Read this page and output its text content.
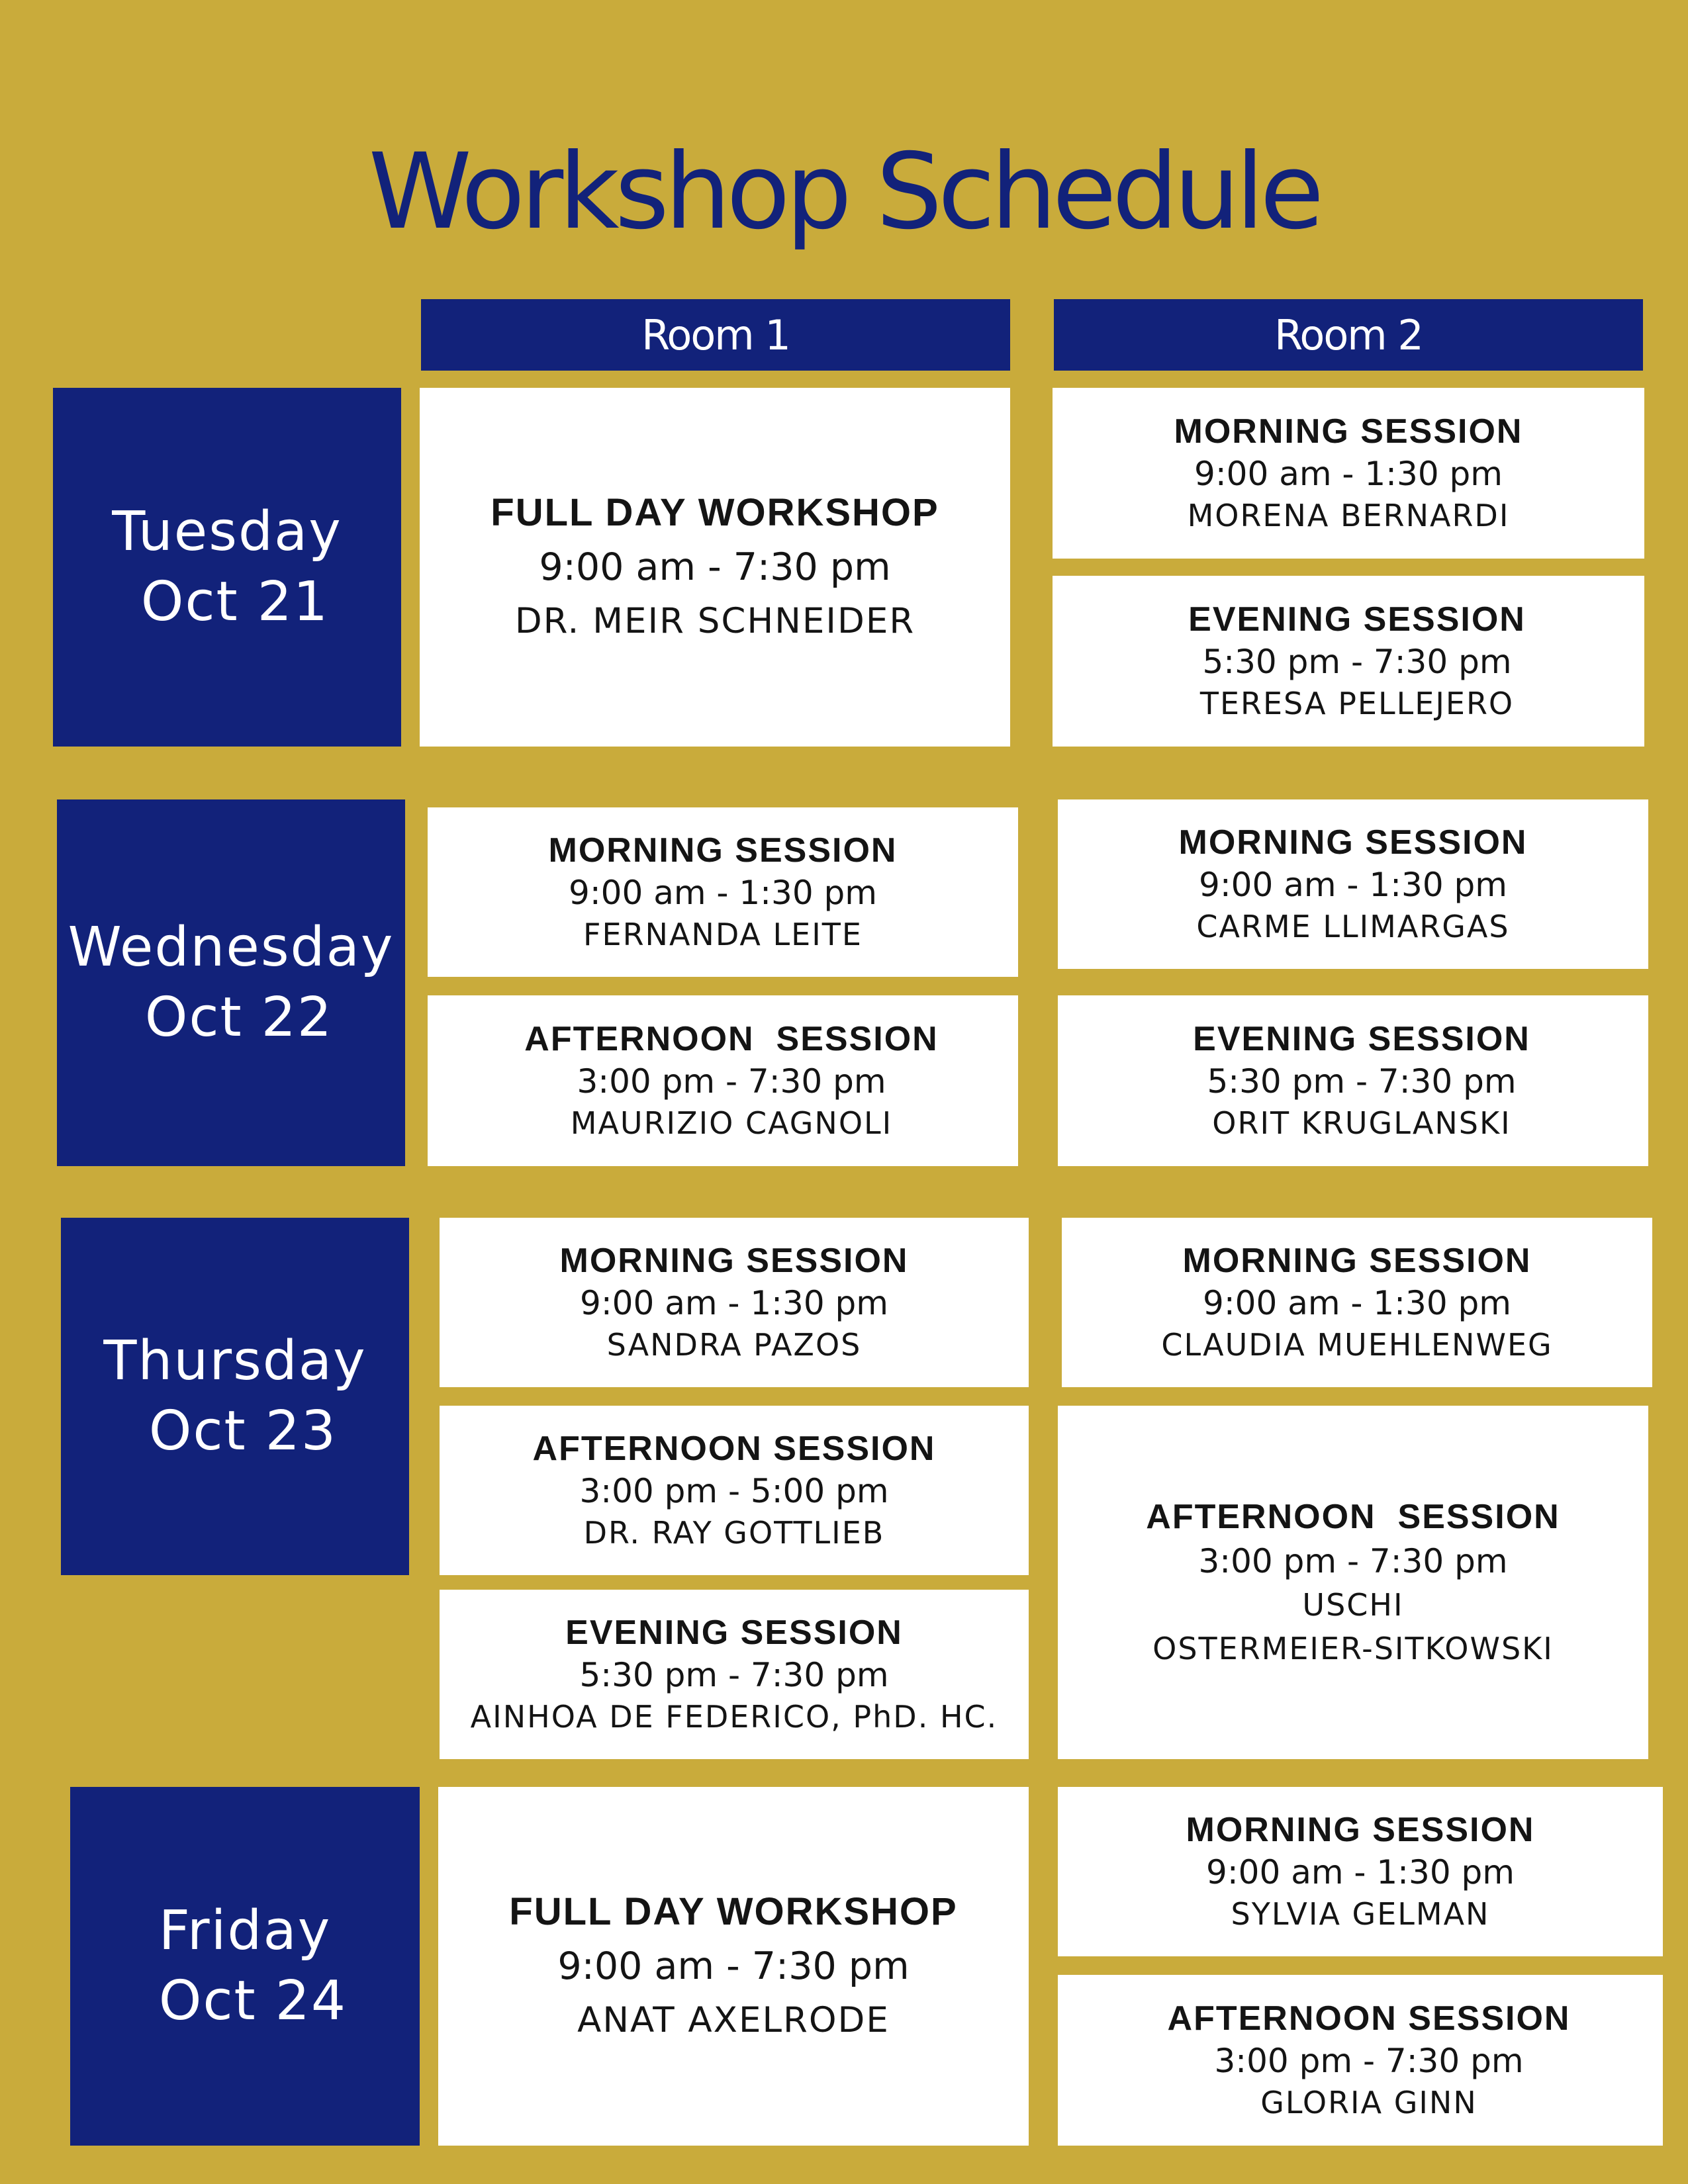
Workshop Schedule
Room 1	Room 2
Tuesday
Oct 21
FULL DAY WORKSHOP
9:00 am - 7:30 pm
DR. MEIR SCHNEIDER
MORNING SESSION
9:00 am - 1:30 pm
MORENA BERNARDI
EVENING SESSION
5:30 pm - 7:30 pm
TERESA PELLEJERO
Wednesday
Oct 22
MORNING SESSION
9:00 am - 1:30 pm
FERNANDA LEITE
AFTERNOON  SESSION
3:00 pm - 7:30 pm
MAURIZIO CAGNOLI
MORNING SESSION
9:00 am - 1:30 pm
CARME LLIMARGAS
EVENING SESSION
5:30 pm - 7:30 pm
ORIT KRUGLANSKI
Thursday
Oct 23
MORNING SESSION
9:00 am - 1:30 pm
SANDRA PAZOS
AFTERNOON SESSION
3:00 pm - 5:00 pm
DR. RAY GOTTLIEB
EVENING SESSION
5:30 pm - 7:30 pm
AINHOA DE FEDERICO, PhD. HC.
MORNING SESSION
9:00 am - 1:30 pm
CLAUDIA MUEHLENWEG
AFTERNOON  SESSION
3:00 pm - 7:30 pm
USCHI
OSTERMEIER-SITKOWSKI
Friday
Oct 24
FULL DAY WORKSHOP
9:00 am - 7:30 pm
ANAT AXELRODE
MORNING SESSION
9:00 am - 1:30 pm
SYLVIA GELMAN
AFTERNOON SESSION
3:00 pm - 7:30 pm
GLORIA GINN
